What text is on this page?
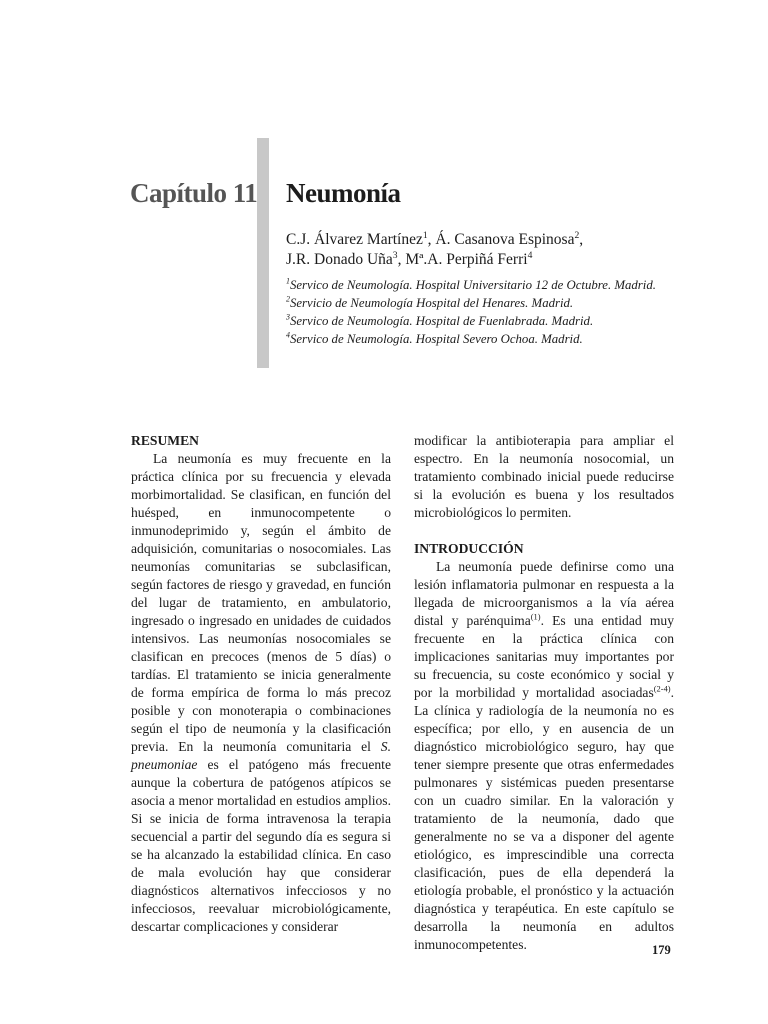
Capítulo 11 Neumonía
C.J. Álvarez Martínez$^1$, Á. Casanova Espinosa$^2$,
J.R. Donado Uña$^3$, Mª.A. Perpiñá Ferri$^4$
$^1$Servico de Neumología. Hospital Universitario 12 de Octubre. Madrid. $^2$Servicio de Neumología Hospital del Henares. Madrid.
$^3$Servico de Neumología. Hospital de Fuenlabrada. Madrid.
$^4$Servico de Neumología. Hospital Severo Ochoa. Madrid.
RESUMEN

La neumonía es muy frecuente en la práctica clínica por su frecuencia y elevada morbimortalidad. Se clasifican, en función del huésped, en inmunocompetente o inmunodeprimido y, según el ámbito de adquisición, comunitarias o nosocomiales. Las neumonías comunitarias se subclasifican, según factores de riesgo y gravedad, en función del lugar de tratamiento, en ambulatorio, ingresado o ingresado en unidades de cuidados intensivos. Las neumonías nosocomiales se clasifican en precoces (menos de 5 días) o tardías. El tratamiento se inicia generalmente de forma empírica de forma lo más precoz posible y con monoterapia o combinaciones según el tipo de neumonía y la clasificación previa. En la neumonía comunitaria el S. pneumoniae es el patógeno más frecuente aunque la cobertura de patógenos atípicos se asocia a menor mortalidad en estudios amplios. Si se inicia de forma intravenosa la terapia secuencial a partir del segundo día es segura si se ha alcanzado la estabilidad clínica. En caso de mala evolución hay que considerar diagnósticos alternativos infecciosos y no infecciosos, reevaluar microbiológicamente, descartar complicaciones y considerar

modificar la antibioterapia para ampliar el espectro. En la neumonía nosocomial, un tratamiento combinado inicial puede reducirse si la evolución es buena y los resultados microbiológicos lo permiten.

INTRODUCCIÓN

La neumonía puede definirse como una lesión inflamatoria pulmonar en respuesta a la llegada de microorganismos a la vía aérea distal y parénquima$^{(1)}$. Es una entidad muy frecuente en la práctica clínica con implicaciones sanitarias muy importantes por su frecuencia, su coste económico y social y por la morbilidad y mortalidad asociadas$^{(2-4)}$. La clínica y radiología de la neumonía no es específica; por ello, y en ausencia de un diagnóstico microbiológico seguro, hay que tener siempre presente que otras enfermedades pulmonares y sistémicas pueden presentarse con un cuadro similar. En la valoración y tratamiento de la neumonía, dado que generalmente no se va a disponer del agente etiológico, es imprescindible una correcta clasificación, pues de ella dependerá la etiología probable, el pronóstico y la actuación diagnóstica y terapéutica. En este capítulo se desarrolla la neumonía en adultos inmunocompetentes.	179
